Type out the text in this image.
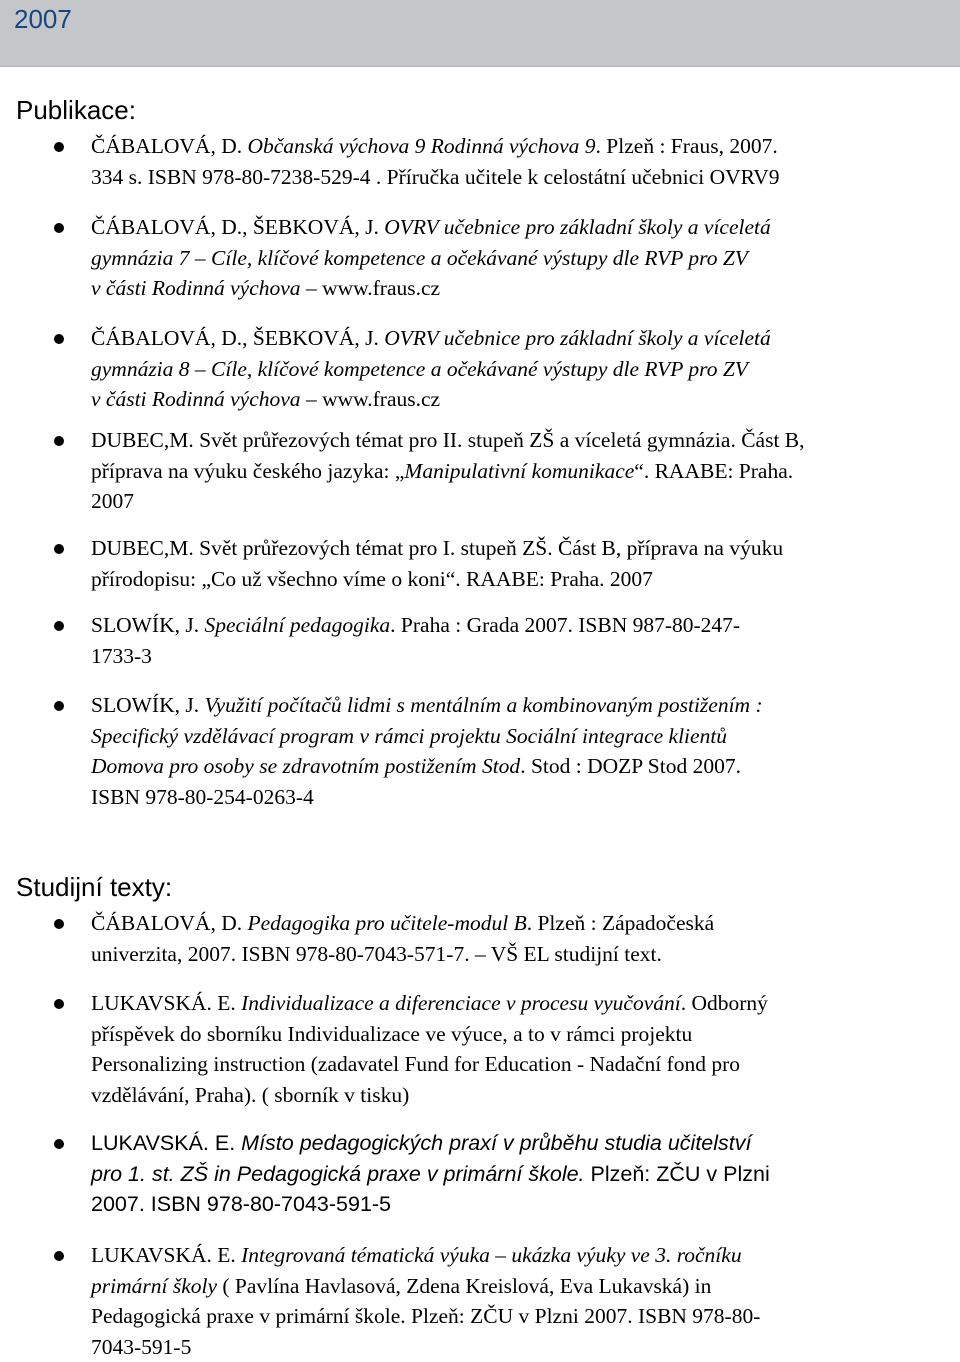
2007
Publikace:
ČÁBALOVÁ, D. Občanská výchova 9 Rodinná výchova 9. Plzeň : Fraus, 2007.
334 s. ISBN 978-80-7238-529-4 . Příručka učitele k celostátní učebnici OVRV9
ČÁBALOVÁ, D., ŠEBKOVÁ, J. OVRV učebnice pro základní školy a víceletá
gymnázia 7 – Cíle, klíčové kompetence a očekávané výstupy dle RVP pro ZV
v části Rodinná výchova – www.fraus.cz
ČÁBALOVÁ, D., ŠEBKOVÁ, J. OVRV učebnice pro základní školy a víceletá
gymnázia 8 – Cíle, klíčové kompetence a očekávané výstupy dle RVP pro ZV
v části Rodinná výchova – www.fraus.cz
DUBEC,M. Svět průřezových témat pro II. stupeň ZŠ a víceletá gymnázia. Část B,
příprava na výuku českého jazyka: „Manipulativní komunikace“. RAABE: Praha.
2007
DUBEC,M. Svět průřezových témat pro I. stupeň ZŠ. Část B, příprava na výuku
přírodopisu: „Co už všechno víme o koni“. RAABE: Praha. 2007
SLOWÍK, J. Speciální pedagogika. Praha : Grada 2007. ISBN 987-80-247-
1733-3
SLOWÍK, J. Využití počítačů lidmi s mentálním a kombinovaným postižením :
Specifický vzdělávací program v rámci projektu Sociální integrace klientů
Domova pro osoby se zdravotním postižením Stod. Stod : DOZP Stod 2007.
ISBN 978-80-254-0263-4
Studijní texty:
ČÁBALOVÁ, D. Pedagogika pro učitele-modul B. Plzeň : Západočeská
univerzita, 2007. ISBN 978-80-7043-571-7. – VŠ EL studijní text.
LUKAVSKÁ. E. Individualizace a diferenciace v procesu vyučování. Odborný
příspěvek do sborníku Individualizace ve výuce, a to v rámci projektu
Personalizing instruction (zadavatel Fund for Education - Nadační fond pro
vzdělávání, Praha). ( sborník v tisku)
LUKAVSKÁ. E. Místo pedagogických praxí v průběhu studia učitelství
pro 1. st. ZŠ in Pedagogická praxe v primární škole. Plzeň: ZČU v Plzni
2007. ISBN 978-80-7043-591-5
LUKAVSKÁ. E. Integrovaná tématická výuka – ukázka výuky ve 3. ročníku
primární školy ( Pavlína Havlasová, Zdena Kreislová, Eva Lukavská) in
Pedagogická praxe v primární škole. Plzeň: ZČU v Plzni 2007. ISBN 978-80-
7043-591-5
